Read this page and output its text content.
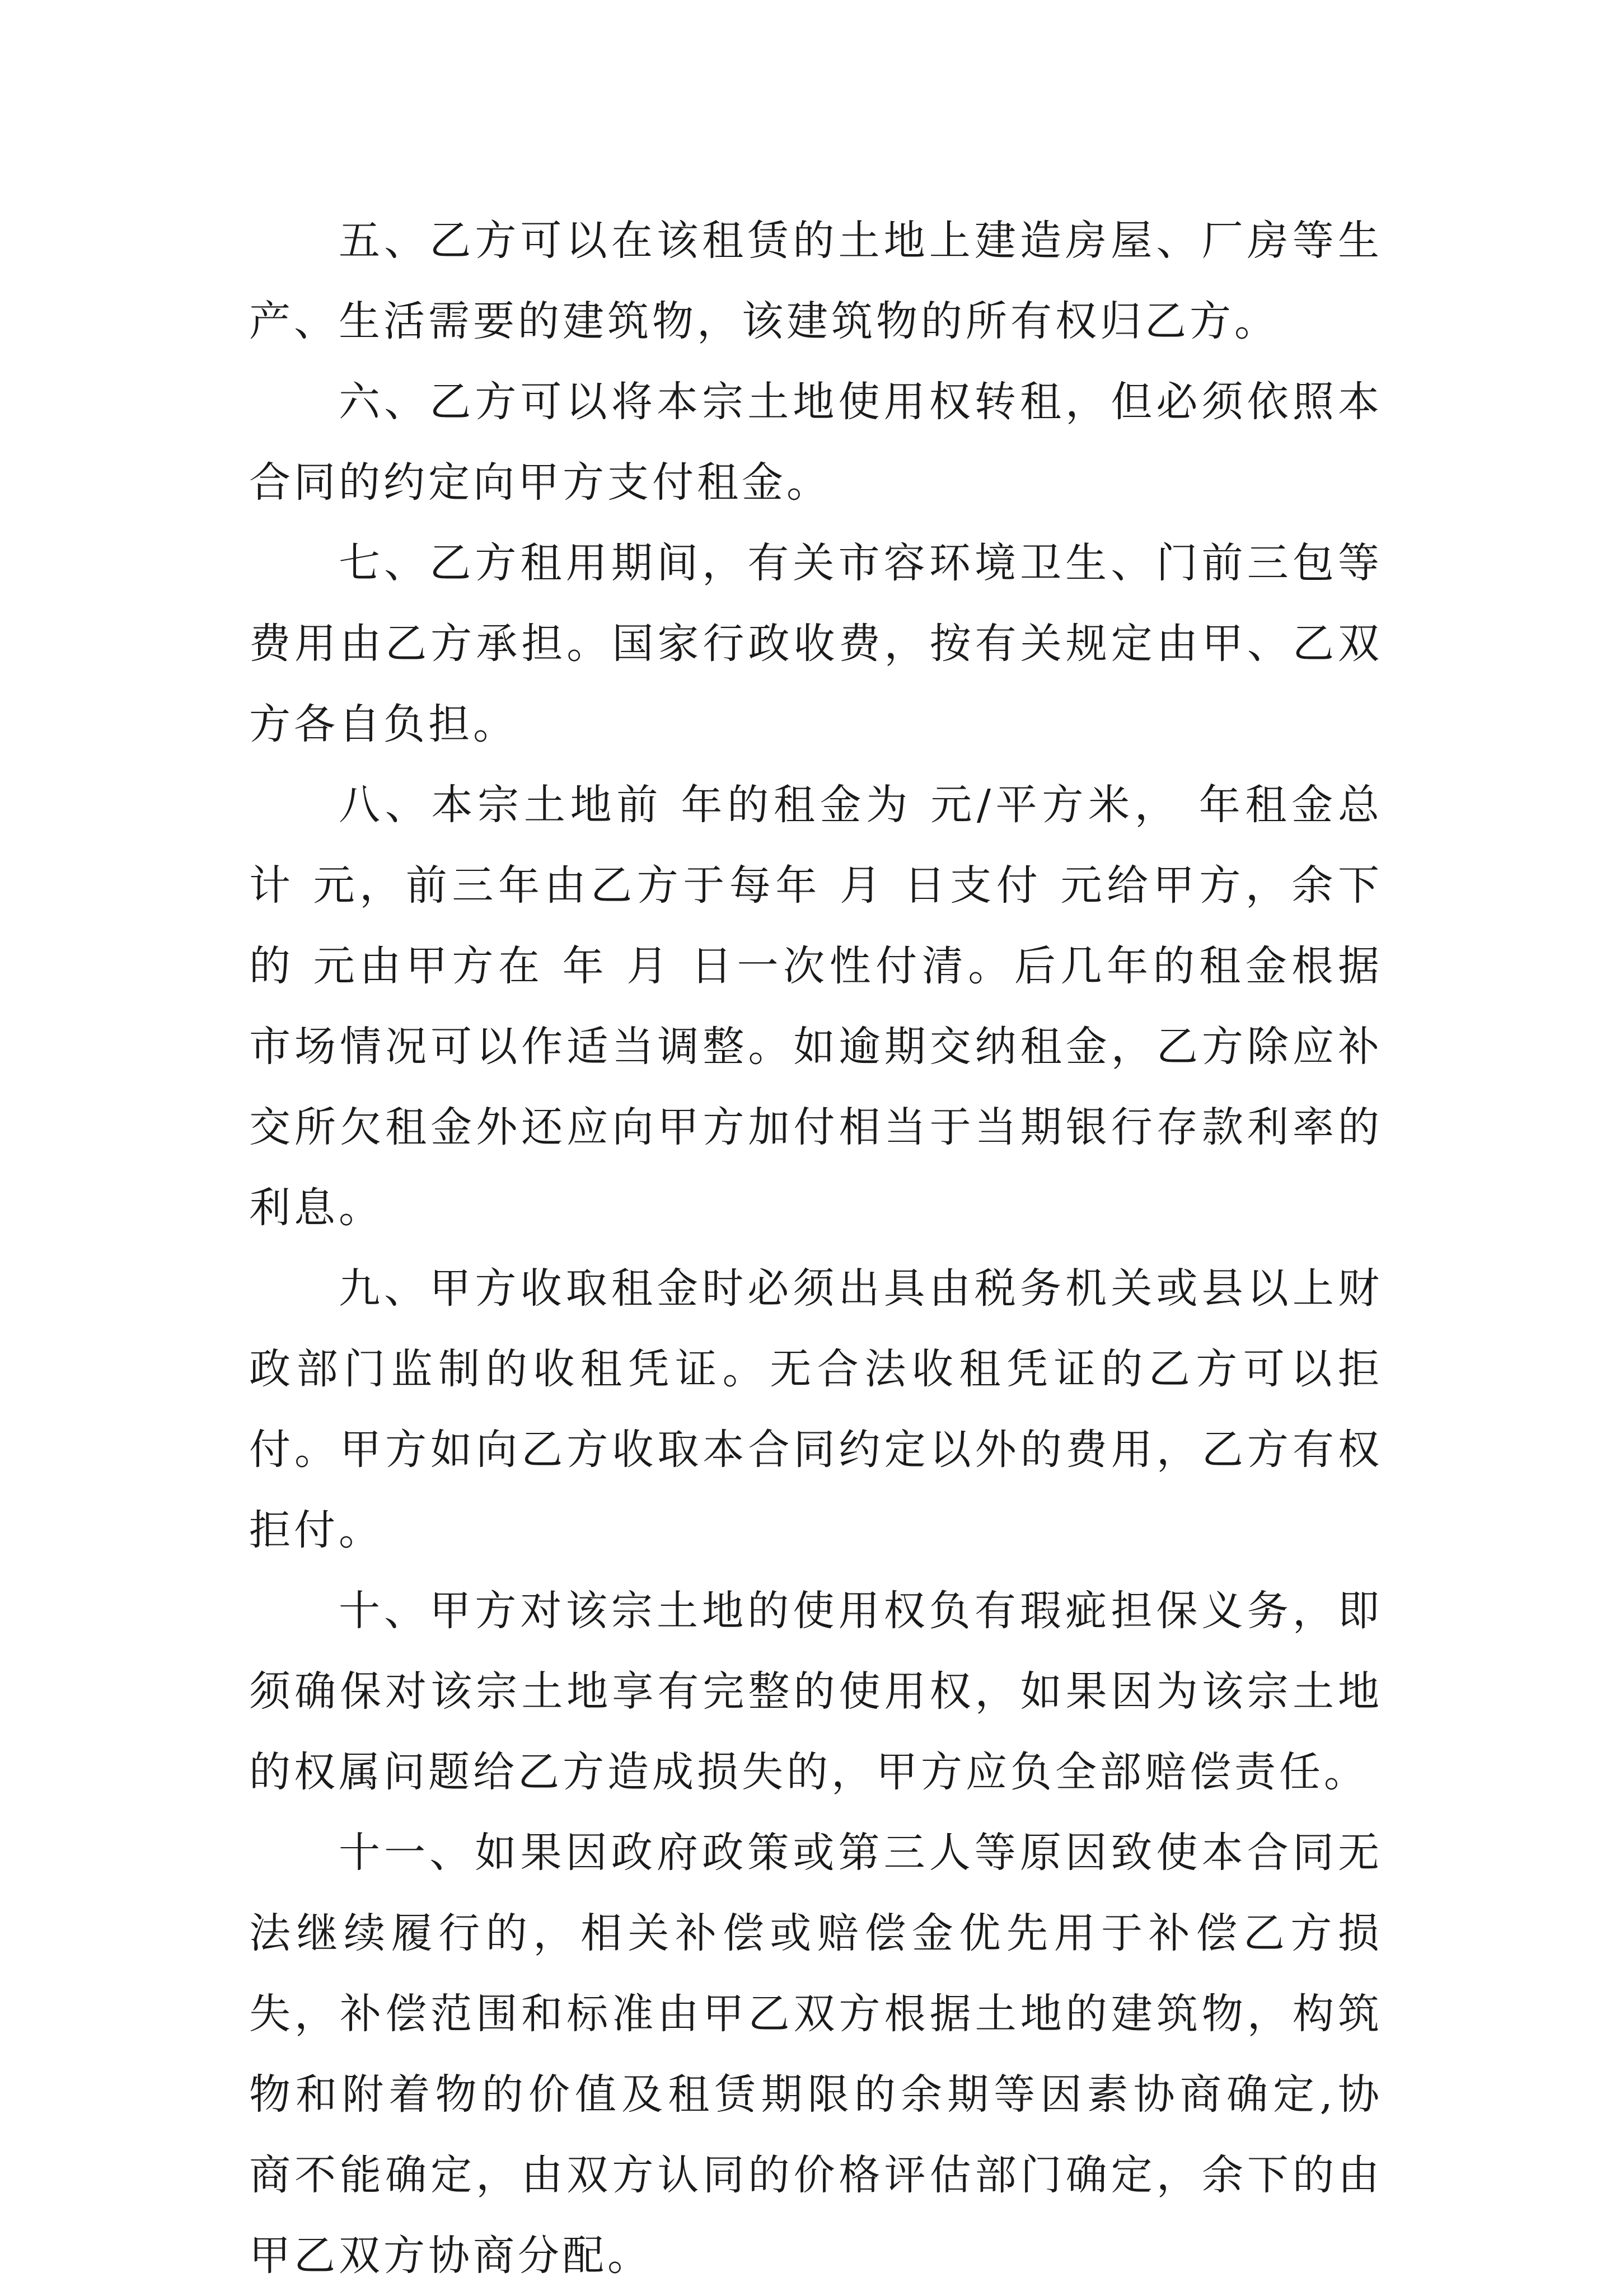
五、乙方可以在该租赁的土地上建造房屋、厂房等生产、生活需要的建筑物，该建筑物的所有权归乙方。

六、乙方可以将本宗土地使用权转租，但必须依照本合同的约定向甲方支付租金。

七、乙方租用期间，有关市容环境卫生、门前三包等费用由乙方承担。国家行政收费，按有关规定由甲、乙双方各自负担。

八、本宗土地前 年的租金为 元/平方米， 年租金总计 元，前三年由乙方于每年 月 日支付 元给甲方，余下的 元由甲方在 年 月 日一次性付清。后几年的租金根据市场情况可以作适当调整。如逾期交纳租金，乙方除应补交所欠租金外还应向甲方加付相当于当期银行存款利率的利息。

九、甲方收取租金时必须出具由税务机关或县以上财政部门监制的收租凭证。无合法收租凭证的乙方可以拒付。甲方如向乙方收取本合同约定以外的费用，乙方有权拒付。

十、甲方对该宗土地的使用权负有瑕疵担保义务，即须确保对该宗土地享有完整的使用权，如果因为该宗土地的权属问题给乙方造成损失的，甲方应负全部赔偿责任。

十一、如果因政府政策或第三人等原因致使本合同无法继续履行的，相关补偿或赔偿金优先用于补偿乙方损失，补偿范围和标准由甲乙双方根据土地的建筑物，构筑物和附着物的价值及租赁期限的余期等因素协商确定,协商不能确定，由双方认同的价格评估部门确定，余下的由甲乙双方协商分配。
